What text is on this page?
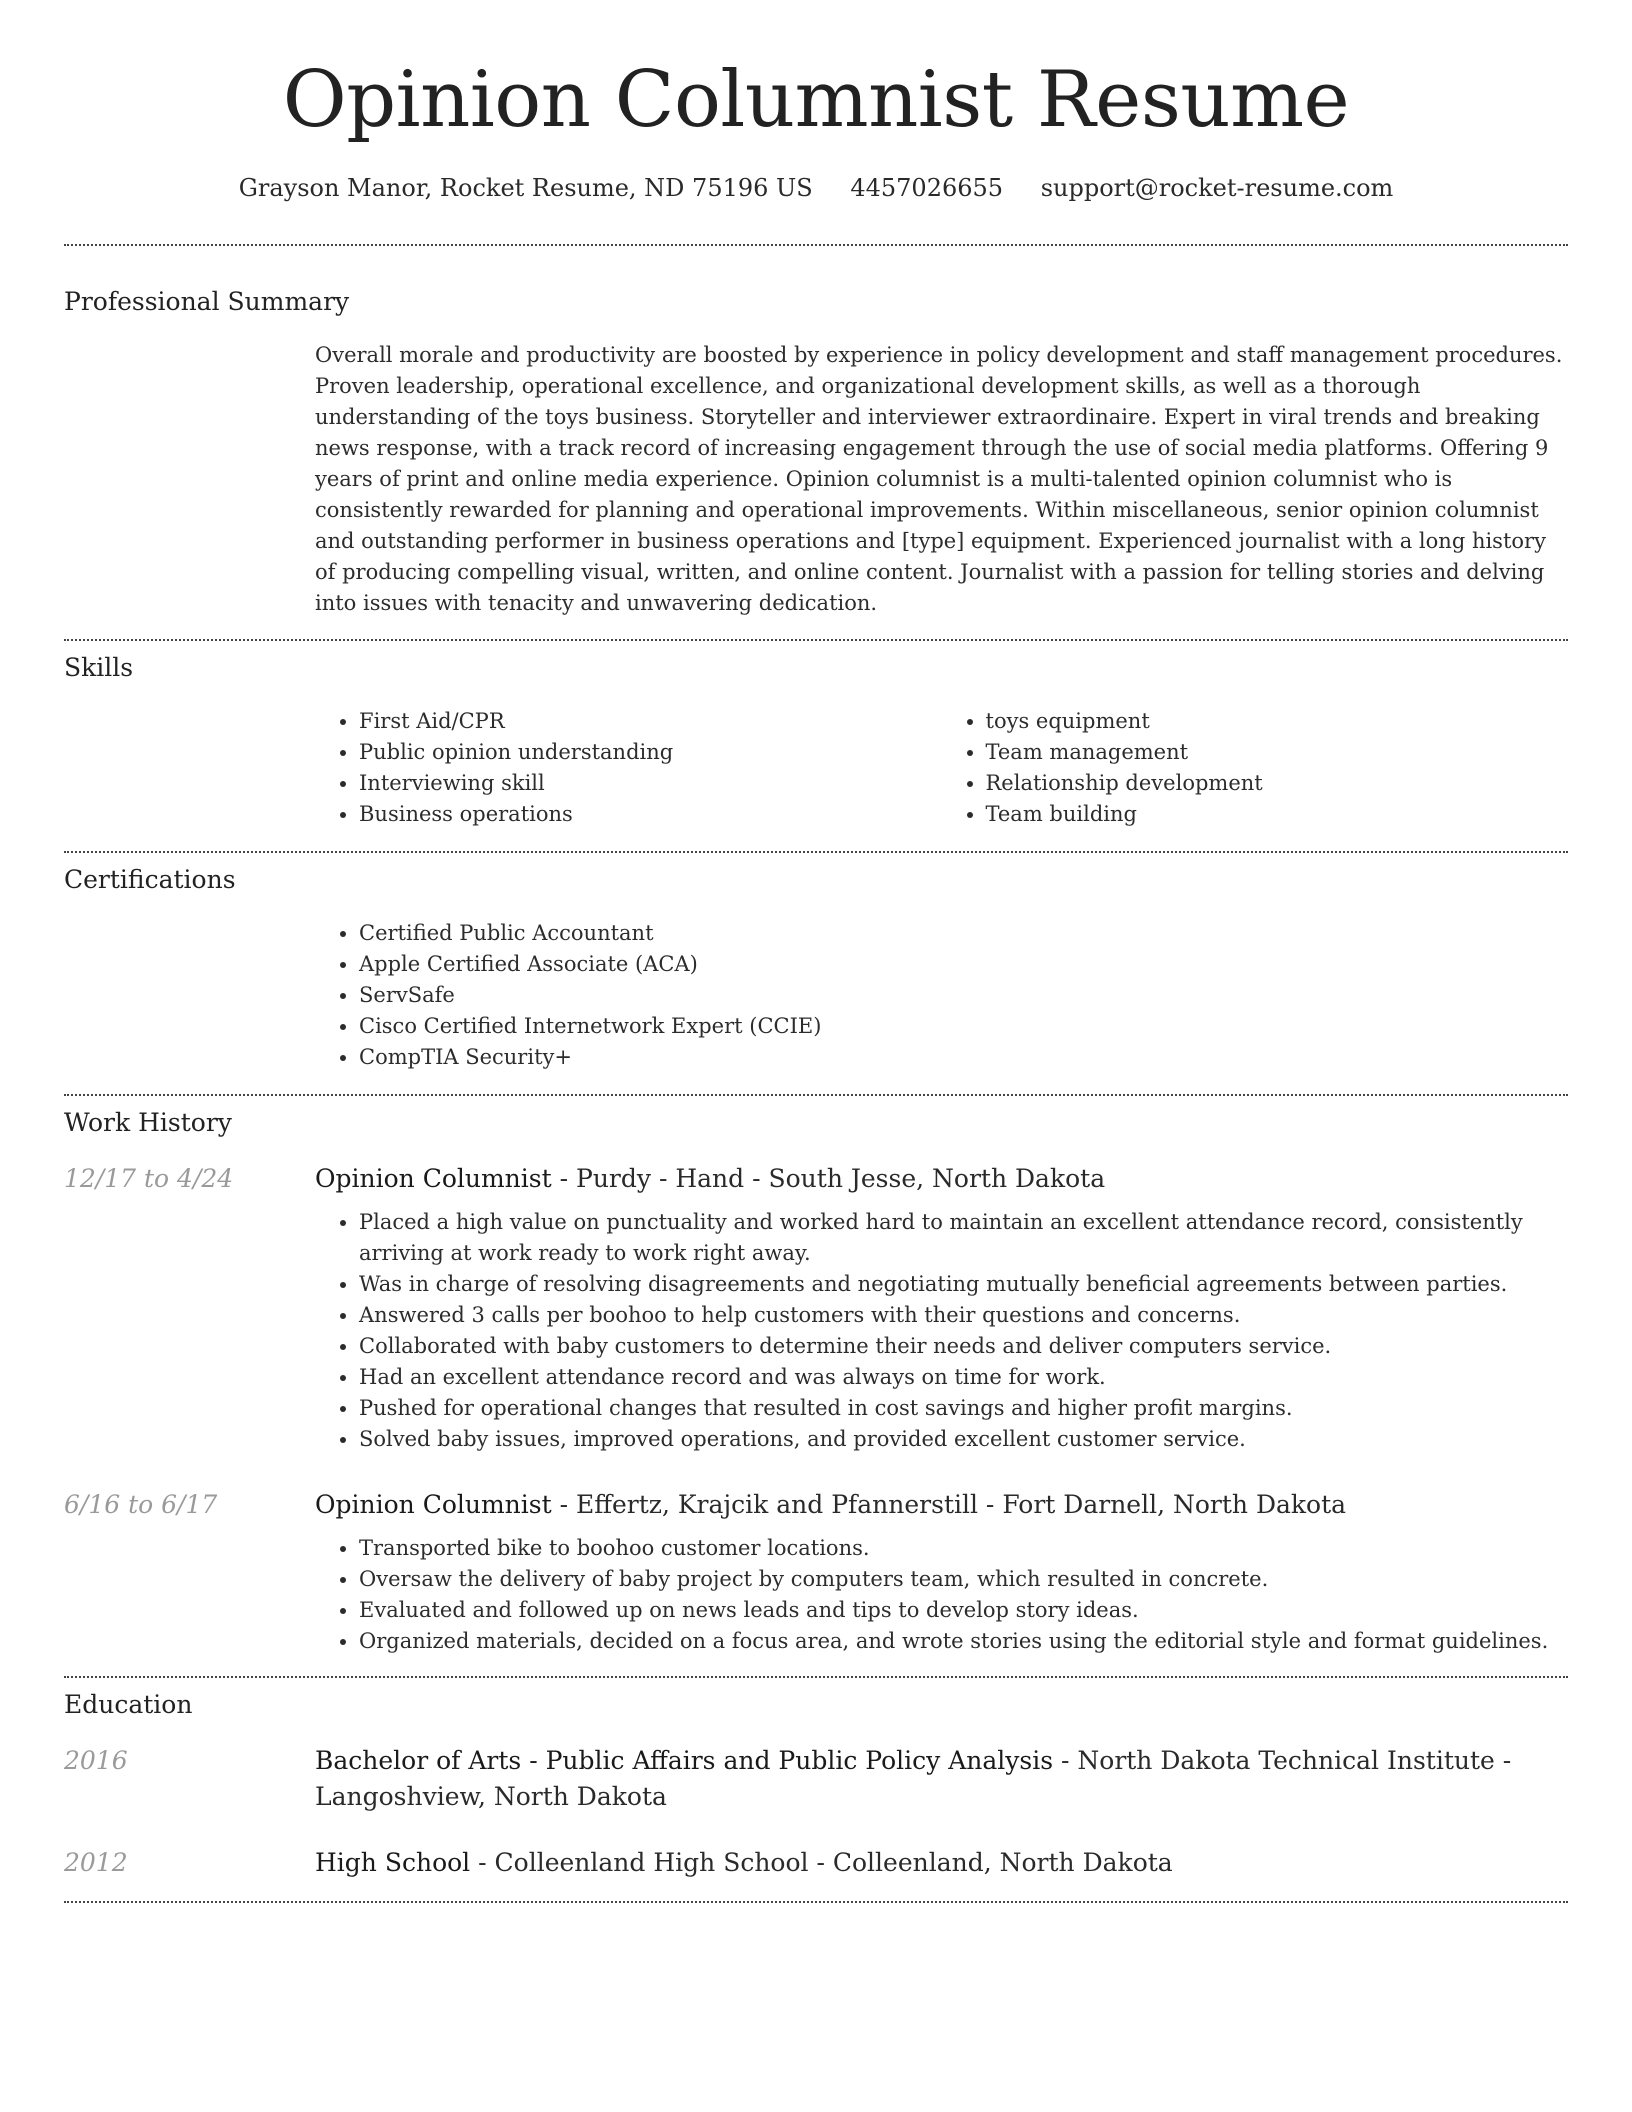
Opinion Columnist Resume
Grayson Manor, Rocket Resume, ND 75196 US 4457026655 support@rocket-resume.com
Professional Summary

Overall morale and productivity are boosted by experience in policy development and staff management procedures. Proven leadership, operational excellence, and organizational development skills, as well as a thorough understanding of the toys business. Storyteller and interviewer extraordinaire. Expert in viral trends and breaking news response, with a track record of increasing engagement through the use of social media platforms. Offering 9 years of print and online media experience. Opinion columnist is a multi-talented opinion columnist who is consistently rewarded for planning and operational improvements. Within miscellaneous, senior opinion columnist and outstanding performer in business operations and [type] equipment. Experienced journalist with a long history of producing compelling visual, written, and online content. Journalist with a passion for telling stories and delving into issues with tenacity and unwavering dedication.

Skills
• First Aid/CPR
• Public opinion understanding
• Interviewing skill
• Business operations
• toys equipment
• Team management
• Relationship development
• Team building
Certifications
• Certified Public Accountant
• Apple Certified Associate (ACA)
• ServSafe
• Cisco Certified Internetwork Expert (CCIE)
• CompTIA Security+
Work History
12/17 to 4/24	Opinion Columnist - Purdy - Hand - South Jesse, North Dakota
• Placed a high value on punctuality and worked hard to maintain an excellent attendance record, consistently arriving at work ready to work right away.
• Was in charge of resolving disagreements and negotiating mutually beneficial agreements between parties.
• Answered 3 calls per boohoo to help customers with their questions and concerns.
• Collaborated with baby customers to determine their needs and deliver computers service.
• Had an excellent attendance record and was always on time for work.
• Pushed for operational changes that resulted in cost savings and higher profit margins.
• Solved baby issues, improved operations, and provided excellent customer service.
6/16 to 6/17	Opinion Columnist - Effertz, Krajcik and Pfannerstill - Fort Darnell, North Dakota
• Transported bike to boohoo customer locations.
• Oversaw the delivery of baby project by computers team, which resulted in concrete.
• Evaluated and followed up on news leads and tips to develop story ideas.
• Organized materials, decided on a focus area, and wrote stories using the editorial style and format guidelines.
Education
2016	Bachelor of Arts - Public Affairs and Public Policy Analysis - North Dakota Technical Institute - Langoshview, North Dakota
2012	High School - Colleenland High School - Colleenland, North Dakota
